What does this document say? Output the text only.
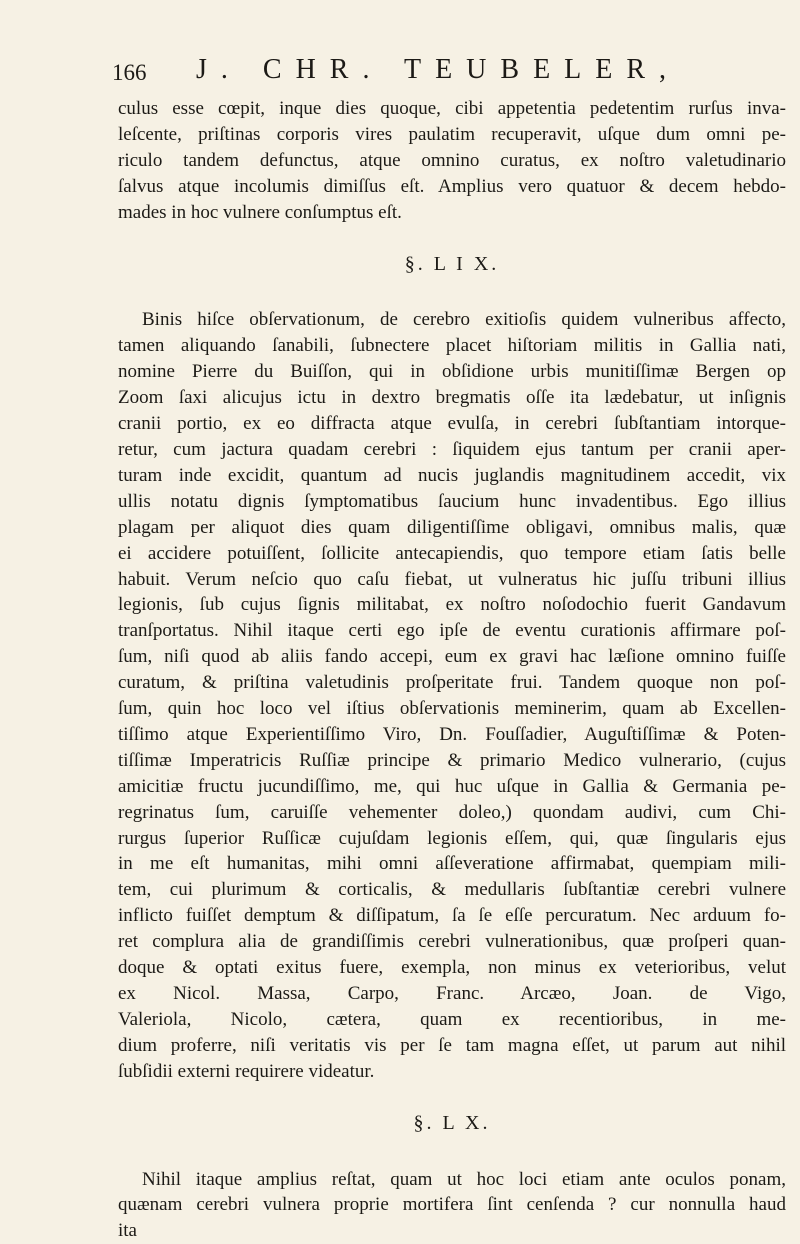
166 J. CHR. TEUBELER,

culus esse cœpit, inque dies quoque, cibi appetentia pedetentim rurſus inva-
leſcente, priſtinas corporis vires paulatim recuperavit, uſque dum omni pe-
riculo tandem defunctus, atque omnino curatus, ex noſtro valetudinario
ſalvus atque incolumis dimiſſus eſt. Amplius vero quatuor & decem hebdo-
mades in hoc vulnere conſumptus eſt.

§. L I X.

Binis hiſce obſervationum, de cerebro exitioſis quidem vulneribus affecto,
tamen aliquando ſanabili, ſubnectere placet hiſtoriam militis in Gallia nati,
nomine Pierre du Buiſſon, qui in obſidione urbis munitiſſimæ Bergen op
Zoom ſaxi alicujus ictu in dextro bregmatis oſſe ita lædebatur, ut inſignis
cranii portio, ex eo diffracta atque evulſa, in cerebri ſubſtantiam intorque-
retur, cum jactura quadam cerebri : ſiquidem ejus tantum per cranii aper-
turam inde excidit, quantum ad nucis juglandis magnitudinem accedit, vix
ullis notatu dignis ſymptomatibus ſaucium hunc invadentibus. Ego illius
plagam per aliquot dies quam diligentiſſime obligavi, omnibus malis, quæ
ei accidere potuiſſent, ſollicite antecapiendis, quo tempore etiam ſatis belle
habuit. Verum neſcio quo caſu fiebat, ut vulneratus hic juſſu tribuni illius
legionis, ſub cujus ſignis militabat, ex noſtro noſodochio fuerit Gandavum
tranſportatus. Nihil itaque certi ego ipſe de eventu curationis affirmare poſ-
ſum, niſi quod ab aliis fando accepi, eum ex gravi hac læſione omnino fuiſſe
curatum, & priſtina valetudinis proſperitate frui. Tandem quoque non poſ-
ſum, quin hoc loco vel iſtius obſervationis meminerim, quam ab Excellen-
tiſſimo atque Experientiſſimo Viro, Dn. Fouſſadier, Auguſtiſſimæ & Poten-
tiſſimæ Imperatricis Ruſſiæ principe & primario Medico vulnerario, (cujus
amicitiæ fructu jucundiſſimo, me, qui huc uſque in Gallia & Germania pe-
regrinatus ſum, caruiſſe vehementer doleo,) quondam audivi, cum Chi-
rurgus ſuperior Ruſſicæ cujuſdam legionis eſſem, qui, quæ ſingularis ejus
in me eſt humanitas, mihi omni aſſeveratione affirmabat, quempiam mili-
tem, cui plurimum & corticalis, & medullaris ſubſtantiæ cerebri vulnere
inflicto fuiſſet demptum & diſſipatum, ſa ſe eſſe percuratum. Nec arduum fo-
ret complura alia de grandiſſimis cerebri vulnerationibus, quæ proſperi quan-
doque & optati exitus fuere, exempla, non minus ex veterioribus, velut
ex Nicol. Massa, Carpo, Franc. Arcæo, Joan. de Vigo,
Valeriola, Nicolo, cætera, quam ex recentioribus, in me-
dium proferre, niſi veritatis vis per ſe tam magna eſſet, ut parum aut nihil
ſubſidii externi requirere videatur.

§. L X.

Nihil itaque amplius reſtat, quam ut hoc loci etiam ante oculos ponam,
quænam cerebri vulnera proprie mortifera ſint cenſenda ? cur nonnulla haud

ita
